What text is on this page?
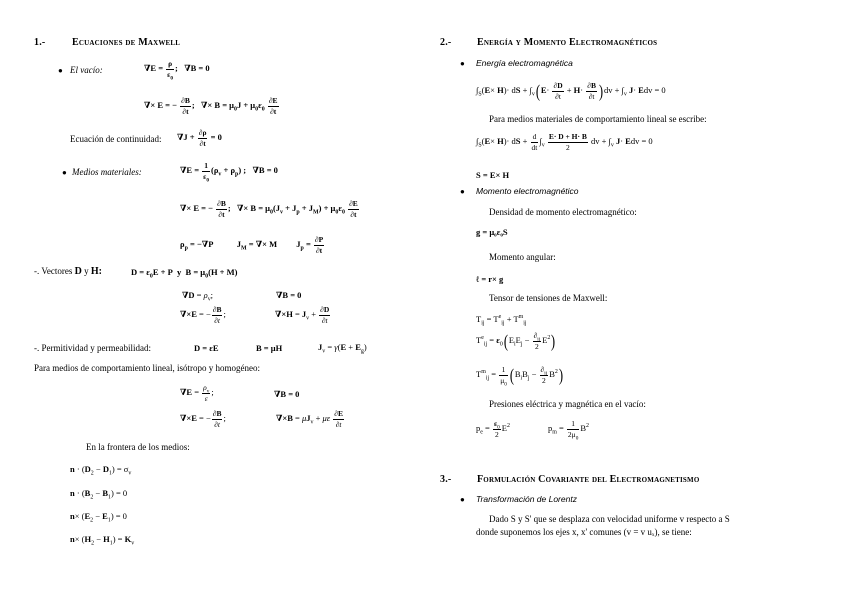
1.-	Ecuaciones de Maxwell
● El vacío:	$\nabla E = \frac{\rho}{\varepsilon_0}$ ;   ∇B = 0
∇× E = − $\frac{\partial B}{\partial t}$ ;   ∇× $B = \mu_0J + \mu_0\varepsilon_0 \frac{\partial E}{\partial t}$
Ecuación de continuidad: $\nabla J + \frac{\partial\rho}{\partial t} = 0$
● Medios materiales:	$\nabla E = \frac{1}{\varepsilon_0} (\rho_v + \rho_p)$ ;   ∇B = 0
∇× E = − $\frac{\partial B}{\partial t}$ ;   ∇× $B = \mu_0(J_v + J_p + J_M) + \mu_0\varepsilon_0 \frac{\partial E}{\partial t}$
$\rho_p = -\nabla P$           $J_M$ = ∇× M         $J_p = \frac{\partial P}{\partial t}$
-. Vectores D y H:	$D = \varepsilon_0E + P$  y  $B = \mu_0(H + M)$
$\nabla D = \rho_v$;	∇B = 0
∇×E = − $\frac{\partial B}{\partial t}$ ;	$\nabla\times H = J_v + \frac{\partial D}{\partial t}$
-. Permitividad y permeabilidad:	D = εE	B = μH	$J_v = \gamma(E + E_g)$
Para medios de comportamiento lineal, isótropo y homogéneo:
$\nabla E = \frac{\rho_v}{\varepsilon}$ ;	∇B = 0
∇×E = − $\frac{\partial B}{\partial t}$ ;	$\nabla\times B = \mu J_v + \mu\varepsilon \frac{\partial E}{\partial t}$
En la frontera de los medios:
$n \cdot (D_2 - D_1) = \sigma_v$
$n \cdot (B_2 - B_1) = 0$
$n\times (E_2 - E_1) = 0$
$n\times (H_2 - H_1) = K_v$
2.-	Energía y Momento Electromagnéticos
● Energía electromagnética
$\int_S(E\times H)\cdot$ dS + $\int_v(E\cdot \frac{\partial D}{\partial t} + H\cdot \frac{\partial B}{\partial t} )dv + \int_v$ J· Edv = 0
Para medios materiales de comportamiento lineal se escribe:
$\int_S(E\times H)\cdot$ dS + $\frac{d}{dt} \int_v \frac{E\cdot D + H\cdot B}{2}$ dv + $\int_v$ J· Edv = 0
S = E× H
● Momento electromagnético
Densidad de momento electromagnético:
g = μ₀ε₀S
Momento angular:
ℓ = r× g
Tensor de tensiones de Maxwell:
$T_{ij} = T^e_{ij} + T^m_{ij}$
$T^e_{ij} = \varepsilon_0(E_iE_j - \frac{\partial_{ij}}{2} E^2)$
$T^m_{ij} = \frac{1}{\mu_0} (B_iB_j - \frac{\partial_{ij}}{2} B^2)$
Presiones eléctrica y magnética en el vacío:
$p_e = \frac{\varepsilon_0}{2} E^2$	$p_m = \frac{1}{2\mu_0} B^2$
3.-	Formulación Covariante del Electromagnetismo
● Transformación de Lorentz
Dado S y S' que se desplaza con velocidad uniforme v respecto a S
donde suponemos los ejes x, x' comunes (v = v uₓ), se tiene:
